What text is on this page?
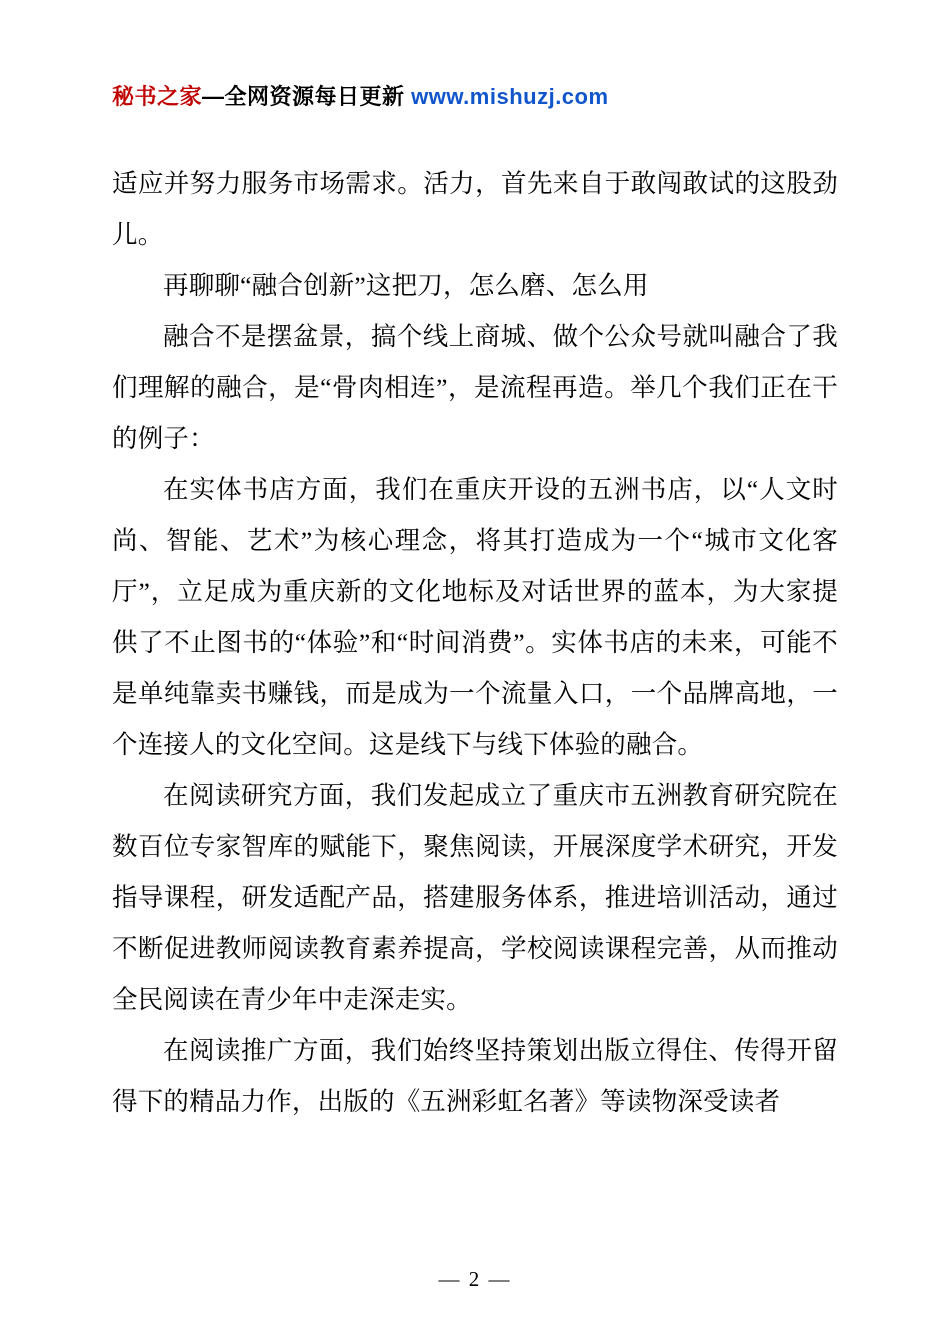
秘书之家—全网资源每日更新 www.mishuzj.com

适应并努力服务市场需求。活力，首先来自于敢闯敢试的这股劲儿。

再聊聊“融合创新”这把刀，怎么磨、怎么用

融合不是摆盆景，搞个线上商城、做个公众号就叫融合了我们理解的融合，是“骨肉相连”，是流程再造。举几个我们正在干的例子：

在实体书店方面，我们在重庆开设的五洲书店，以“人文时尚、智能、艺术”为核心理念，将其打造成为一个“城市文化客厅”，立足成为重庆新的文化地标及对话世界的蓝本，为大家提供了不止图书的“体验”和“时间消费”。实体书店的未来，可能不是单纯靠卖书赚钱，而是成为一个流量入口，一个品牌高地，一个连接人的文化空间。这是线下与线下体验的融合。

在阅读研究方面，我们发起成立了重庆市五洲教育研究院在数百位专家智库的赋能下，聚焦阅读，开展深度学术研究，开发指导课程，研发适配产品，搭建服务体系，推进培训活动，通过不断促进教师阅读教育素养提高，学校阅读课程完善，从而推动全民阅读在青少年中走深走实。

在阅读推广方面，我们始终坚持策划出版立得住、传得开留得下的精品力作，出版的《五洲彩虹名著》等读物深受读者

— 2 —
